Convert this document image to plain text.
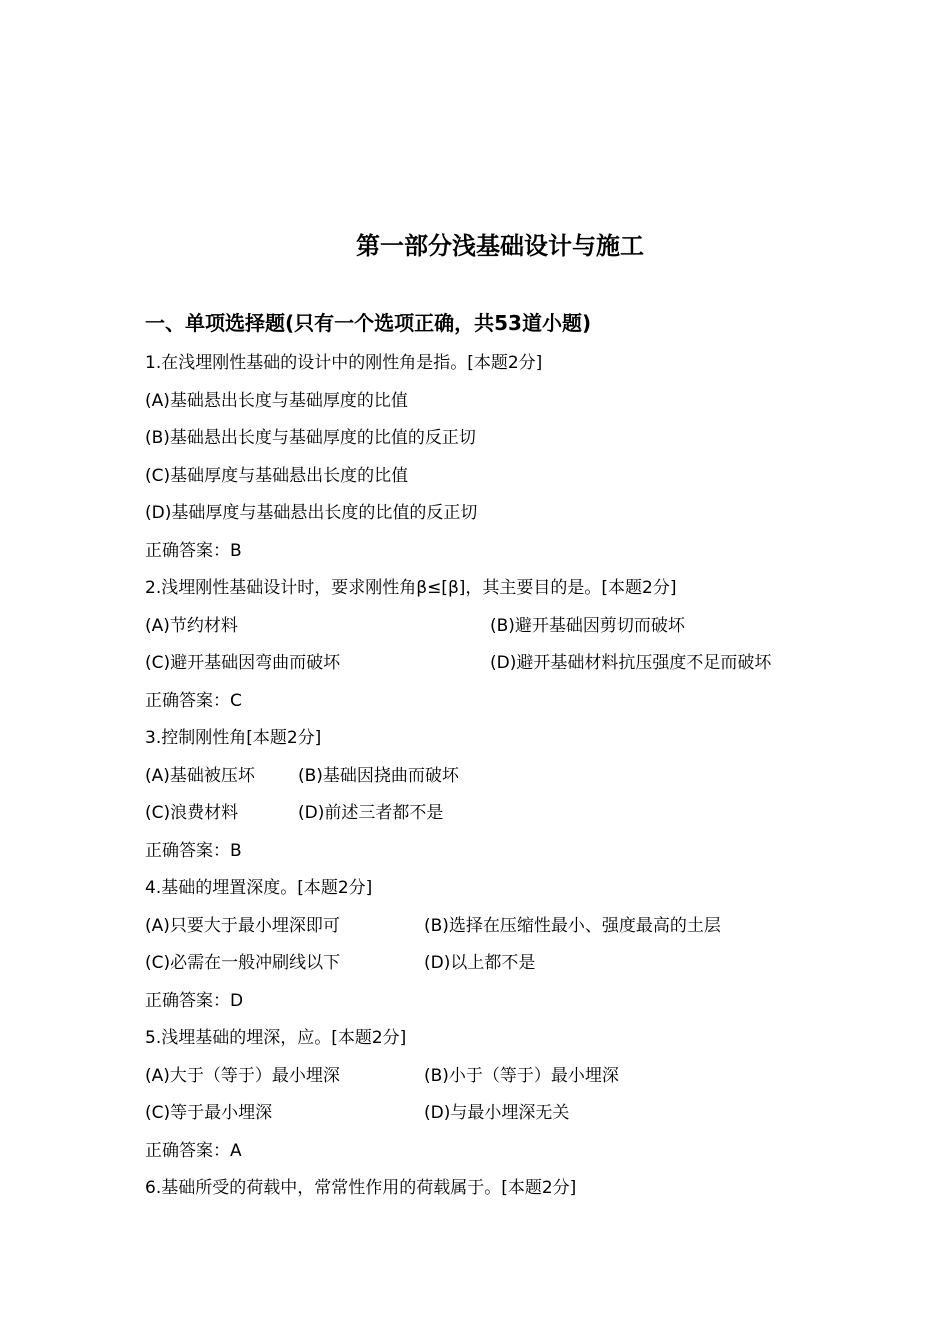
第一部分浅基础设计与施工
一、单项选择题(只有一个选项正确，共53道小题)
1.在浅埋刚性基础的设计中的刚性角是指。[本题2分]
(A)基础悬出长度与基础厚度的比值
(B)基础悬出长度与基础厚度的比值的反正切
(C)基础厚度与基础悬出长度的比值
(D)基础厚度与基础悬出长度的比值的反正切
正确答案：B
2.浅埋刚性基础设计时，要求刚性角β≤[β]，其主要目的是。[本题2分]
(A)节约材料	(B)避开基础因剪切而破坏
(C)避开基础因弯曲而破坏	(D)避开基础材料抗压强度不足而破坏
正确答案：C
3.控制刚性角[本题2分]
(A)基础被压坏	(B)基础因挠曲而破坏
(C)浪费材料	(D)前述三者都不是
正确答案：B
4.基础的埋置深度。[本题2分]
(A)只要大于最小埋深即可	(B)选择在压缩性最小、强度最高的土层
(C)必需在一般冲刷线以下	(D)以上都不是
正确答案：D
5.浅埋基础的埋深，应。[本题2分]
(A)大于（等于）最小埋深	(B)小于（等于）最小埋深
(C)等于最小埋深	(D)与最小埋深无关
正确答案：A
6.基础所受的荷载中，常常性作用的荷载属于。[本题2分]
